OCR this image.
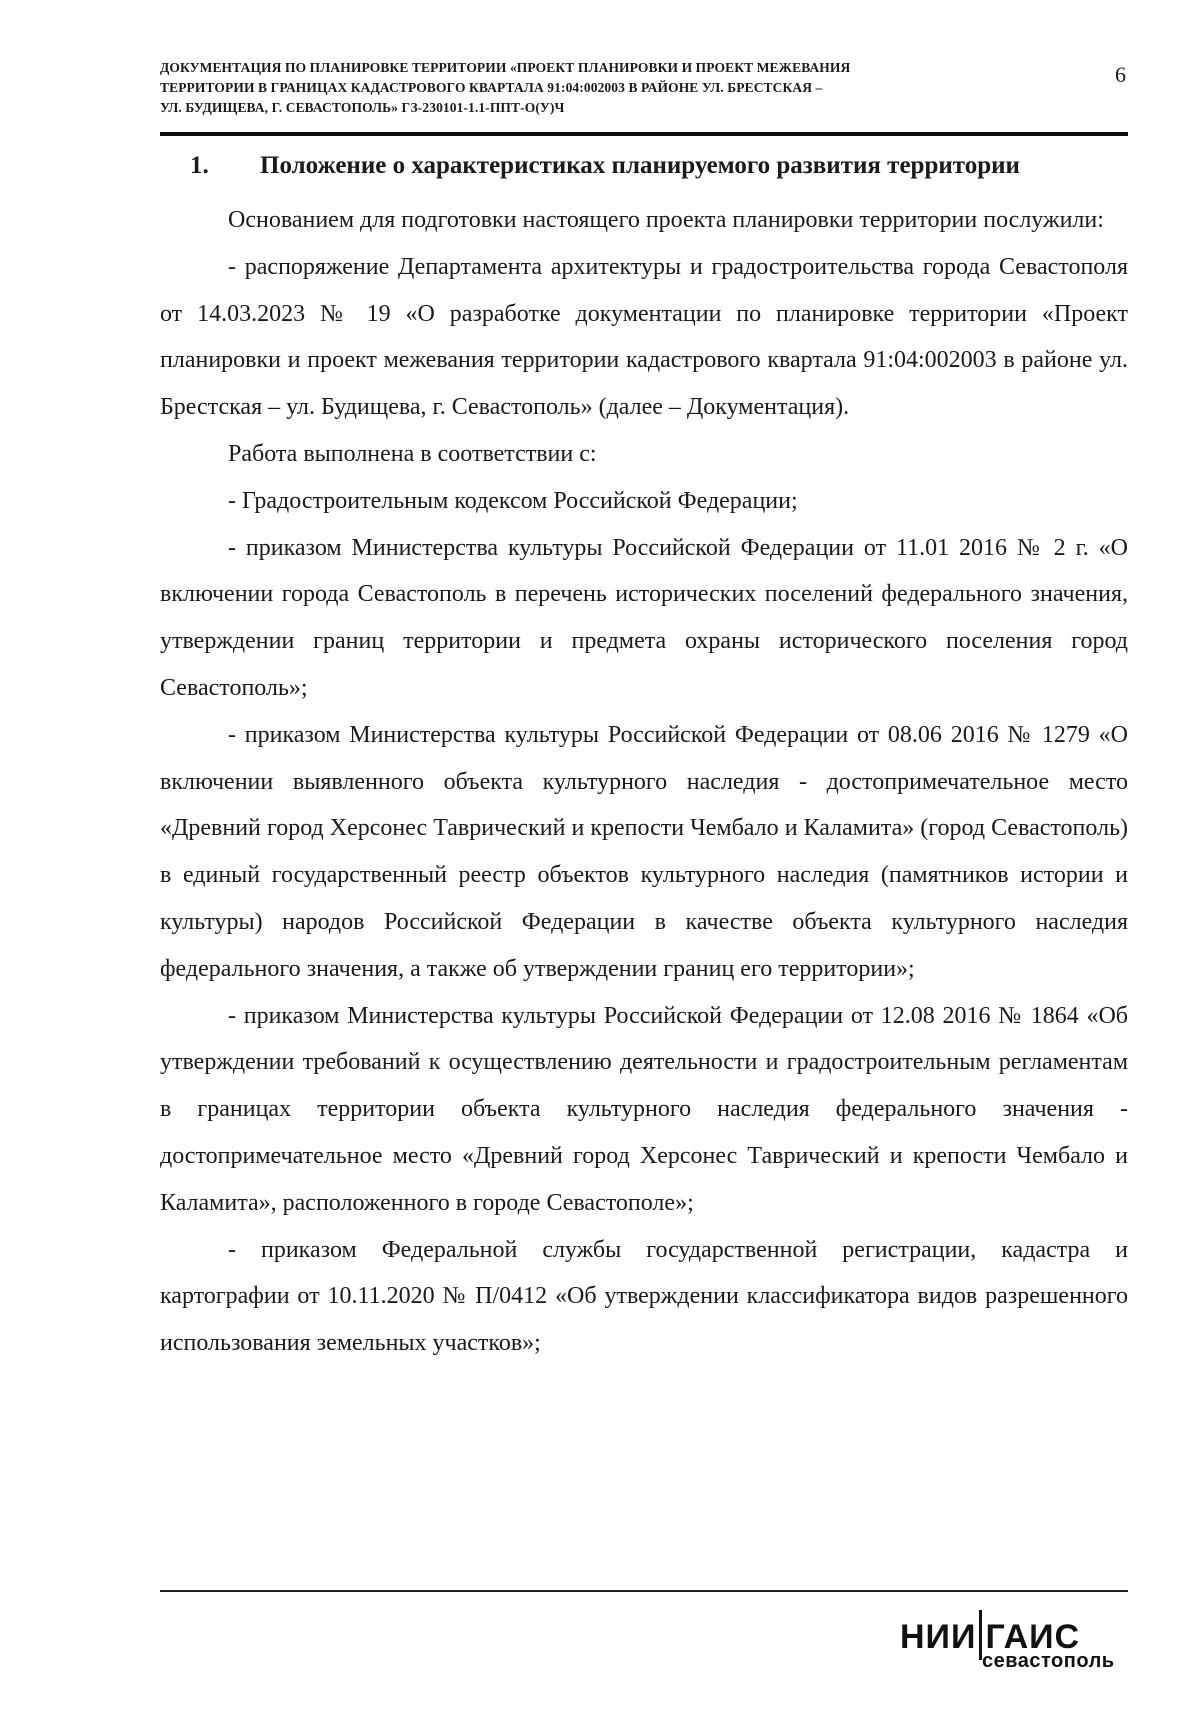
ДОКУМЕНТАЦИЯ ПО ПЛАНИРОВКЕ ТЕРРИТОРИИ «ПРОЕКТ ПЛАНИРОВКИ И ПРОЕКТ МЕЖЕВАНИЯ
ТЕРРИТОРИИ В ГРАНИЦАХ КАДАСТРОВОГО КВАРТАЛА 91:04:002003 В РАЙОНЕ УЛ. БРЕСТСКАЯ –
УЛ. БУДИЩЕВА, Г. СЕВАСТОПОЛЬ» ГЗ-230101-1.1-ППТ-О(У)Ч
6
1. Положение о характеристиках планируемого развития территории

Основанием для подготовки настоящего проекта планировки территории послужили:

- распоряжение Департамента архитектуры и градостроительства города Севастополя от 14.03.2023 № 19 «О разработке документации по планировке территории «Проект планировки и проект межевания территории кадастрового квартала 91:04:002003 в районе ул. Брестская – ул. Будищева, г. Севастополь» (далее – Документация).

Работа выполнена в соответствии с:

- Градостроительным кодексом Российской Федерации;

- приказом Министерства культуры Российской Федерации от 11.01 2016 № 2 г. «О включении города Севастополь в перечень исторических поселений федерального значения, утверждении границ территории и предмета охраны исторического поселения город Севастополь»;

- приказом Министерства культуры Российской Федерации от 08.06 2016 № 1279 «О включении выявленного объекта культурного наследия - достопримечательное место «Древний город Херсонес Таврический и крепости Чембало и Каламита» (город Севастополь) в единый государственный реестр объектов культурного наследия (памятников истории и культуры) народов Российской Федерации в качестве объекта культурного наследия федерального значения, а также об утверждении границ его территории»;

- приказом Министерства культуры Российской Федерации от 12.08 2016 № 1864 «Об утверждении требований к осуществлению деятельности и градостроительным регламентам в границах территории объекта культурного наследия федерального значения - достопримечательное место «Древний город Херсонес Таврический и крепости Чембало и Каламита», расположенного в городе Севастополе»;

- приказом Федеральной службы государственной регистрации, кадастра и картографии от 10.11.2020 № П/0412 «Об утверждении классификатора видов разрешенного использования земельных участков»;

НИИ ГАИС
севастополь
